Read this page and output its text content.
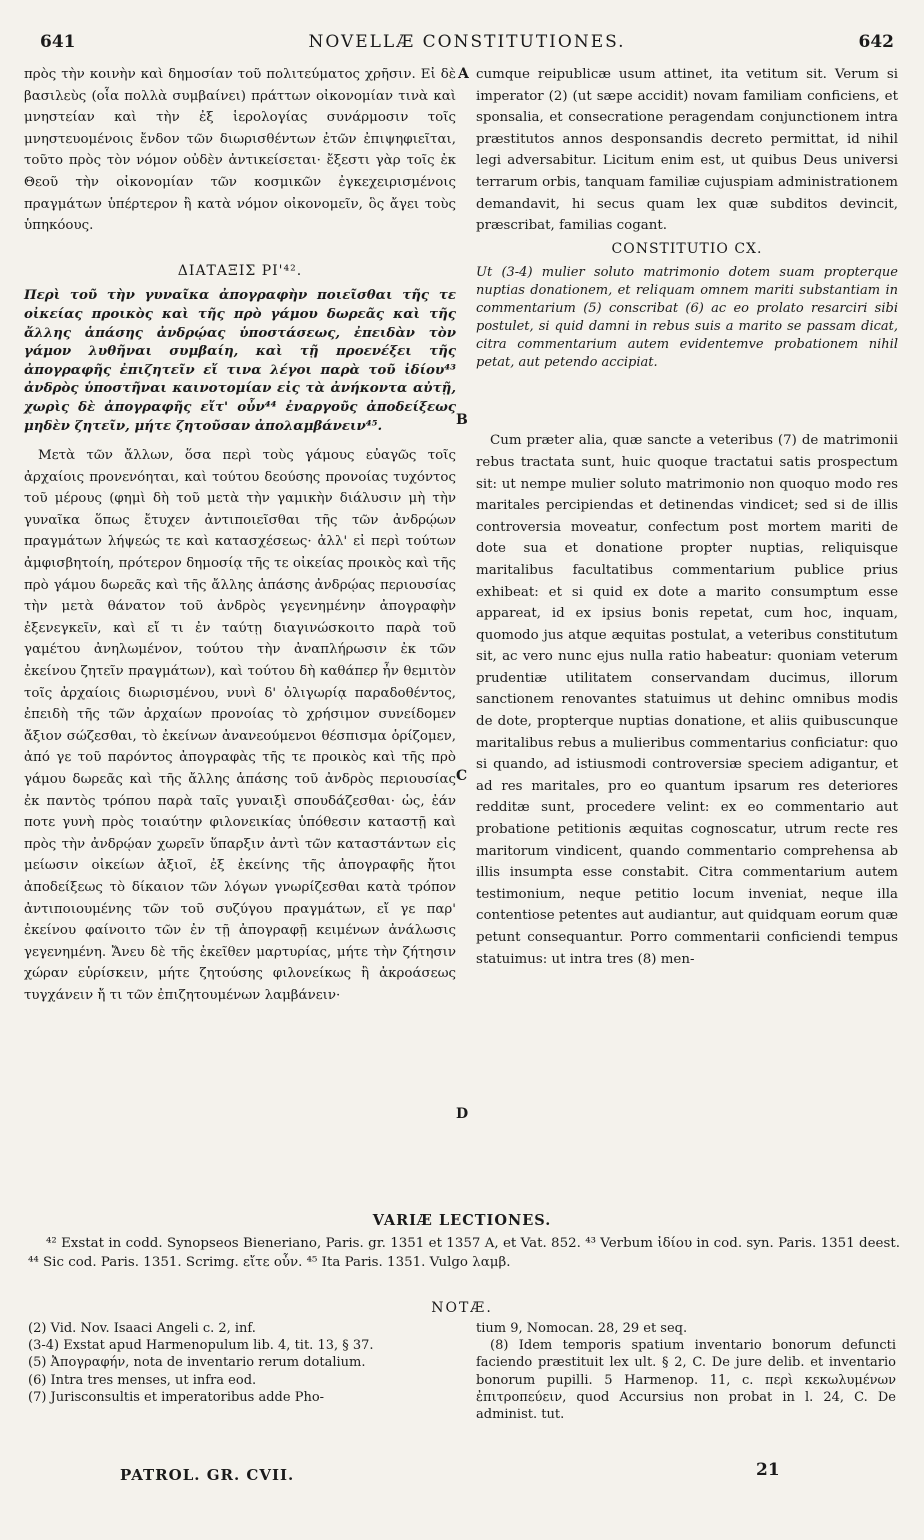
641	NOVELLÆ CONSTITUTIONES.	642
A
B
C
D

πρὸς τὴν κοινὴν καὶ δημοσίαν τοῦ πολιτεύματος χρῆσιν. Εἰ δὲ βασιλεὺς (οἷα πολλὰ συμβαίνει) πράττων οἰκονομίαν τινὰ καὶ μνηστείαν καὶ τὴν ἐξ ἱερολογίας συνάρμοσιν τοῖς μνηστευομένοις ἔνδον τῶν διωρισθέντων ἐτῶν ἐπιψηφιεῖται, τοῦτο πρὸς τὸν νόμον οὐδὲν ἀντικείσεται· ἔξεστι γὰρ τοῖς ἐκ Θεοῦ τὴν οἰκονομίαν τῶν κοσμικῶν ἐγκεχειρισμένοις πραγμάτων ὑπέρτερον ἢ κατὰ νόμον οἰκονομεῖν, ὃς ἄγει τοὺς ὑπηκόους.

ΔΙΑΤΑΞΙΣ ΡΙ'⁴².

Περὶ τοῦ τὴν γυναῖκα ἀπογραφὴν ποιεῖσθαι τῆς τε οἰκείας προικὸς καὶ τῆς πρὸ γάμου δωρεᾶς καὶ τῆς ἄλλης ἁπάσης ἀνδρῴας ὑποστάσεως, ἐπειδὰν τὸν γάμον λυθῆναι συμβαίη, καὶ τῇ προενέξει τῆς ἀπογραφῆς ἐπιζητεῖν εἴ τινα λέγοι παρὰ τοῦ ἰδίου⁴³ ἀνδρὸς ὑποστῆναι καινοτομίαν εἰς τὰ ἀνήκοντα αὐτῇ, χωρὶς δὲ ἀπογραφῆς εἴτ' οὖν⁴⁴ ἐναργοῦς ἀποδείξεως μηδὲν ζητεῖν, μήτε ζητοῦσαν ἀπολαμβάνειν⁴⁵.

Μετὰ τῶν ἄλλων, ὅσα περὶ τοὺς γάμους εὐαγῶς τοῖς ἀρχαίοις προνενόηται, καὶ τούτου δεούσης προνοίας τυχόντος τοῦ μέρους (φημὶ δὴ τοῦ μετὰ τὴν γαμικὴν διάλυσιν μὴ τὴν γυναῖκα ὅπως ἔτυχεν ἀντιποιεῖσθαι τῆς τῶν ἀνδρῴων πραγμάτων λήψεώς τε καὶ κατασχέσεως· ἀλλ' εἰ περὶ τούτων ἀμφισβητοίη, πρότερον δημοσίᾳ τῆς τε οἰκείας προικὸς καὶ τῆς πρὸ γάμου δωρεᾶς καὶ τῆς ἄλλης ἁπάσης ἀνδρῴας περιουσίας τὴν μετὰ θάνατον τοῦ ἀνδρὸς γεγενημένην ἀπογραφὴν ἐξενεγκεῖν, καὶ εἴ τι ἐν ταύτῃ διαγινώσκοιτο παρὰ τοῦ γαμέτου ἀνηλωμένον, τούτου τὴν ἀναπλήρωσιν ἐκ τῶν ἐκείνου ζητεῖν πραγμάτων), καὶ τούτου δὴ καθάπερ ἦν θεμιτὸν τοῖς ἀρχαίοις διωρισμένου, νυνὶ δ' ὀλιγωρίᾳ παραδοθέντος, ἐπειδὴ τῆς τῶν ἀρχαίων προνοίας τὸ χρήσιμον συνείδομεν ἄξιον σώζεσθαι, τὸ ἐκείνων ἀνανεούμενοι θέσπισμα ὁρίζομεν, ἀπό γε τοῦ παρόντος ἀπογραφὰς τῆς τε προικὸς καὶ τῆς πρὸ γάμου δωρεᾶς καὶ τῆς ἄλλης ἁπάσης τοῦ ἀνδρὸς περιουσίας ἐκ παντὸς τρόπου παρὰ ταῖς γυναιξὶ σπουδάζεσθαι· ὡς, ἐάν ποτε γυνὴ πρὸς τοιαύτην φιλονεικίας ὑπόθεσιν καταστῇ καὶ πρὸς τὴν ἀνδρῴαν χωρεῖν ὕπαρξιν ἀντὶ τῶν καταστάντων εἰς μείωσιν οἰκείων ἀξιοῖ, ἐξ ἐκείνης τῆς ἀπογραφῆς ἤτοι ἀποδείξεως τὸ δίκαιον τῶν λόγων γνωρίζεσθαι κατὰ τρόπον ἀντιποιουμένης τῶν τοῦ συζύγου πραγμάτων, εἴ γε παρ' ἐκείνου φαίνοιτο τῶν ἐν τῇ ἀπογραφῇ κειμένων ἀνάλωσις γεγενημένη. Ἄνευ δὲ τῆς ἐκεῖθεν μαρτυρίας, μήτε τὴν ζήτησιν χώραν εὑρίσκειν, μήτε ζητούσης φιλονείκως ἢ ἀκροάσεως τυγχάνειν ἤ τι τῶν ἐπιζητουμένων λαμβάνειν·

cumque reipublicæ usum attinet, ita vetitum sit. Verum si imperator (2) (ut sæpe accidit) novam familiam conficiens, et sponsalia, et consecratione peragendam conjunctionem intra præstitutos annos desponsandis decreto permittat, id nihil legi adversabitur. Licitum enim est, ut quibus Deus universi terrarum orbis, tanquam familiæ cujuspiam administrationem demandavit, hi secus quam lex quæ subditos devincit, præscribat, familias cogant.

CONSTITUTIO CX.

Ut (3-4) mulier soluto matrimonio dotem suam propterque nuptias donationem, et reliquam omnem mariti substantiam in commentarium (5) conscribat (6) ac eo prolato resarciri sibi postulet, si quid damni in rebus suis a marito se passam dicat, citra commentarium autem evidentemve probationem nihil petat, aut petendo accipiat.

Cum præter alia, quæ sancte a veteribus (7) de matrimonii rebus tractata sunt, huic quoque tractatui satis prospectum sit: ut nempe mulier soluto matrimonio non quoquo modo res maritales percipiendas et detinendas vindicet; sed si de illis controversia moveatur, confectum post mortem mariti de dote sua et donatione propter nuptias, reliquisque maritalibus facultatibus commentarium publice prius exhibeat: et si quid ex dote a marito consumptum esse appareat, id ex ipsius bonis repetat, cum hoc, inquam, quomodo jus atque æquitas postulat, a veteribus constitutum sit, ac vero nunc ejus nulla ratio habeatur: quoniam veterum prudentiæ utilitatem conservandam ducimus, illorum sanctionem renovantes statuimus ut dehinc omnibus modis de dote, propterque nuptias donatione, et aliis quibuscunque maritalibus rebus a mulieribus commentarius conficiatur: quo si quando, ad istiusmodi controversiæ speciem adigantur, et ad res maritales, pro eo quantum ipsarum res deteriores redditæ sunt, procedere velint: ex eo commentario aut probatione petitionis æquitas cognoscatur, utrum recte res maritorum vindicent, quando commentario comprehensa ab illis insumpta esse constabit. Citra commentarium autem testimonium, neque petitio locum inveniat, neque illa contentiose petentes aut audiantur, aut quidquam eorum quæ petunt consequantur. Porro commentarii conficiendi tempus statuimus: ut intra tres (8) men-

VARIÆ LECTIONES.

⁴² Exstat in codd. Synopseos Bieneriano, Paris. gr. 1351 et 1357 A, et Vat. 852. ⁴³ Verbum ἰδίου in cod. syn. Paris. 1351 deest. ⁴⁴ Sic cod. Paris. 1351. Scrimg. εἴτε οὖν. ⁴⁵ Ita Paris. 1351. Vulgo λαμβ.

NOTÆ.

(2) Vid. Nov. Isaaci Angeli c. 2, inf.

(3-4) Exstat apud Harmenopulum lib. 4, tit. 13, § 37.

(5) Ἀπογραφήν, nota de inventario rerum dotalium.

(6) Intra tres menses, ut infra eod.

(7) Jurisconsultis et imperatoribus adde Pho-

tium 9, Nomocan. 28, 29 et seq.

(8) Idem temporis spatium inventario bonorum defuncti faciendo præstituit lex ult. § 2, C. De jure delib. et inventario bonorum pupilli. 5 Harmenop. 11, c. περὶ κεκωλυμένων ἐπιτροπεύειν, quod Accursius non probat in l. 24, C. De administ. tut.

PATROL. GR. CVII.	21
